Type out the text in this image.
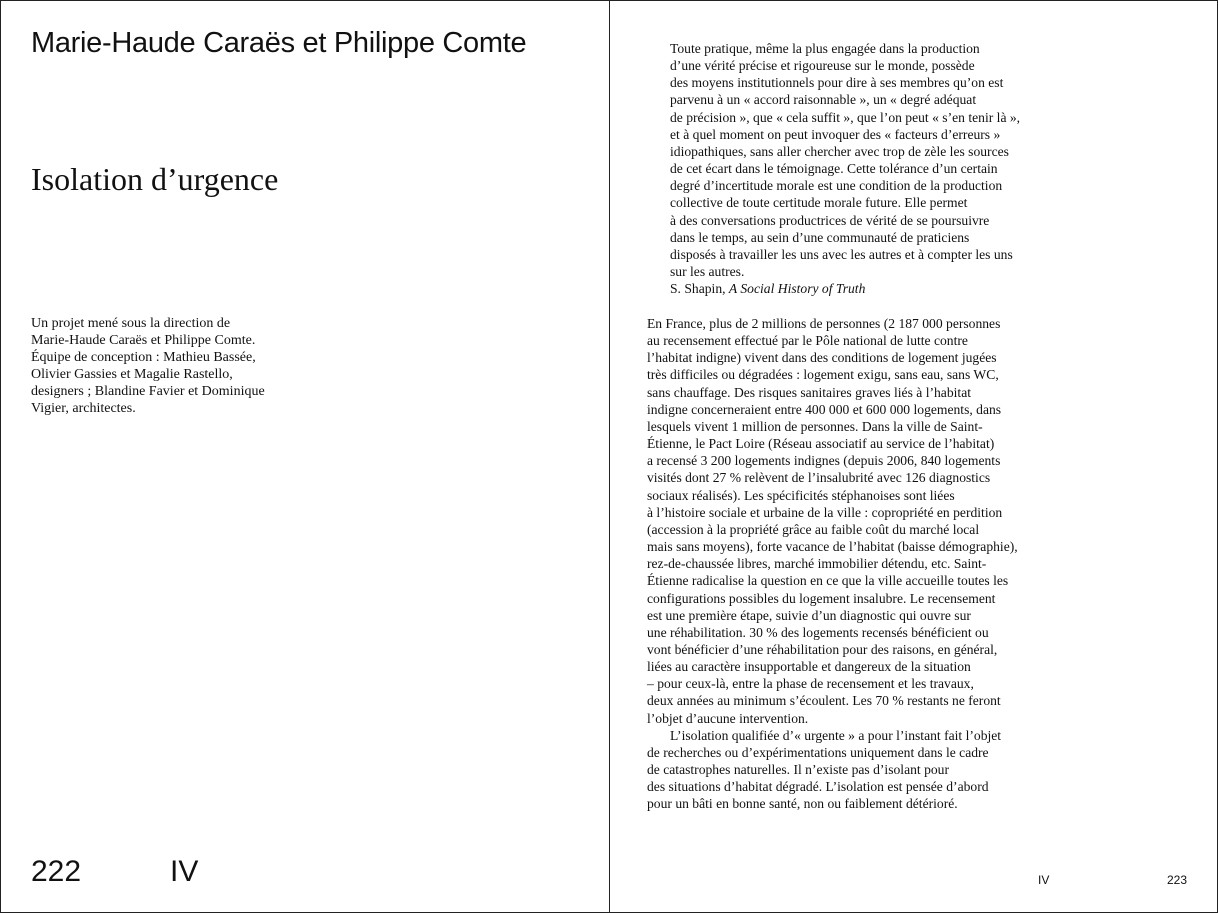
Marie-Haude Caraës et Philippe Comte
Isolation d’urgence

Un projet mené sous la direction de
Marie-Haude Caraës et Philippe Comte.
Équipe de conception : Mathieu Bassée,
Olivier Gassies et Magalie Rastello,
designers ; Blandine Favier et Dominique
Vigier, architectes.

222	IV
Toute pratique, même la plus engagée dans la production
d’une vérité précise et rigoureuse sur le monde, possède
des moyens institutionnels pour dire à ses membres qu’on est
parvenu à un « accord raisonnable », un « degré adéquat
de précision », que « cela suffit », que l’on peut « s’en tenir là »,
et à quel moment on peut invoquer des « facteurs d’erreurs »
idiopathiques, sans aller chercher avec trop de zèle les sources
de cet écart dans le témoignage. Cette tolérance d’un certain
degré d’incertitude morale est une condition de la production
collective de toute certitude morale future. Elle permet
à des conversations productrices de vérité de se poursuivre
dans le temps, au sein d’une communauté de praticiens
disposés à travailler les uns avec les autres et à compter les uns
sur les autres.
S. Shapin, A Social History of Truth
En France, plus de 2 millions de personnes (2 187 000 personnes
au recensement effectué par le Pôle national de lutte contre
l’habitat indigne) vivent dans des conditions de logement jugées
très difficiles ou dégradées : logement exigu, sans eau, sans WC,
sans chauffage. Des risques sanitaires graves liés à l’habitat
indigne concerneraient entre 400 000 et 600 000 logements, dans
lesquels vivent 1 million de personnes. Dans la ville de Saint-
Étienne, le Pact Loire (Réseau associatif au service de l’habitat)
a recensé 3 200 logements indignes (depuis 2006, 840 logements
visités dont 27 % relèvent de l’insalubrité avec 126 diagnostics
sociaux réalisés). Les spécificités stéphanoises sont liées
à l’histoire sociale et urbaine de la ville : copropriété en perdition
(accession à la propriété grâce au faible coût du marché local
mais sans moyens), forte vacance de l’habitat (baisse démographie),
rez-de-chaussée libres, marché immobilier détendu, etc. Saint-
Étienne radicalise la question en ce que la ville accueille toutes les
configurations possibles du logement insalubre. Le recensement
est une première étape, suivie d’un diagnostic qui ouvre sur
une réhabilitation. 30 % des logements recensés bénéficient ou
vont bénéficier d’une réhabilitation pour des raisons, en général,
liées au caractère insupportable et dangereux de la situation
– pour ceux-là, entre la phase de recensement et les travaux,
deux années au minimum s’écoulent. Les 70 % restants ne feront
l’objet d’aucune intervention.
L’isolation qualifiée d’« urgente » a pour l’instant fait l’objet
de recherches ou d’expérimentations uniquement dans le cadre
de catastrophes naturelles. Il n’existe pas d’isolant pour
des situations d’habitat dégradé. L’isolation est pensée d’abord
pour un bâti en bonne santé, non ou faiblement détérioré.
IV	223
